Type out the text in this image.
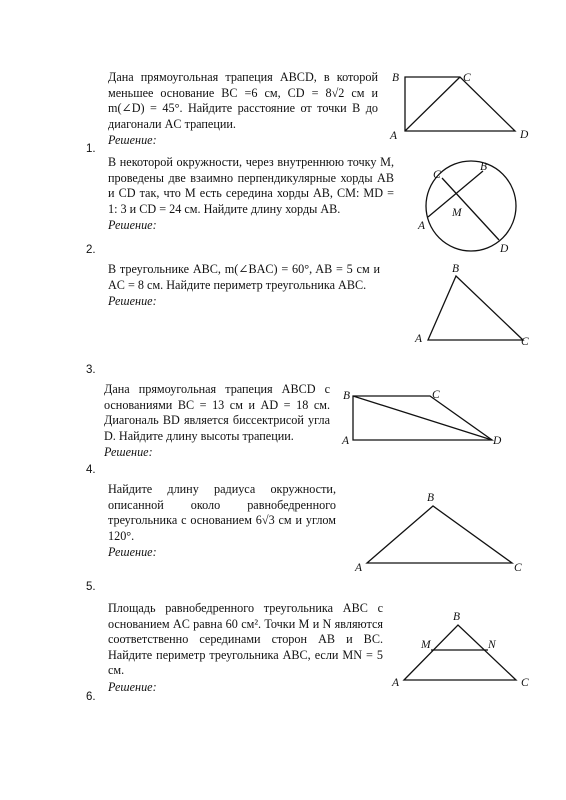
Дана прямоугольная трапеция ABCD, в которой меньшее основание BC =6 см, CD = 8√2 см и m(∠D) = 45°. Найдите расстояние от точки B до диагонали AC трапеции.

Решение:

1.
B	C
A	D

В некоторой окружности, через внутреннюю точку M, проведены две взаимно перпендикулярные хорды AB и CD так, что M есть середина хорды AB, CM: MD = 1: 3 и CD = 24 см. Найдите длину хорды AB.

Решение:

2.
C
B
M
A
D

В треугольнике ABC, m(∠BAC) = 60°, AB = 5 см и AC = 8 см. Найдите периметр треугольника ABC.

Решение:

3.
B
A	C

Дана прямоугольная трапеция ABCD с основаниями BC = 13 см и AD = 18 см. Диагональ BD является биссектрисой угла D. Найдите длину высоты трапеции.

Решение:

4.
B	C
A	D

Найдите длину радиуса окружности, описанной около равнобедренного треугольника с основанием 6√3 см и углом 120°.

Решение:

5.
B
A	C

Площадь равнобедренного треугольника ABC с основанием AC равна 60 см². Точки M и N являются соответственно серединами сторон AB и BC. Найдите периметр треугольника ABC, если MN = 5 см.

Решение:

6.
B
M	N
A	C
